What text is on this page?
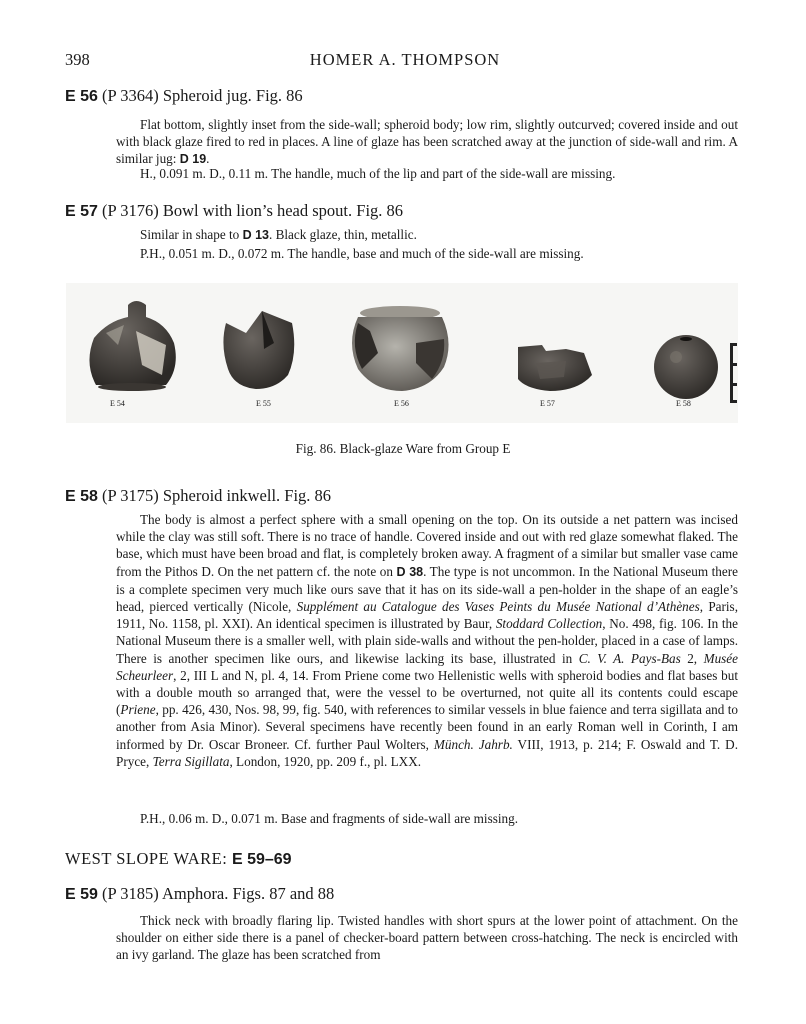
398	HOMER A. THOMPSON
E 56 (P 3364) Spheroid jug. Fig. 86
Flat bottom, slightly inset from the side-wall; spheroid body; low rim, slightly outcurved; covered inside and out with black glaze fired to red in places. A line of glaze has been scratched away at the junction of side-wall and rim. A similar jug: D 19.
H., 0.091 m. D., 0.11 m. The handle, much of the lip and part of the side-wall are missing.
E 57 (P 3176) Bowl with lion’s head spout. Fig. 86
Similar in shape to D 13. Black glaze, thin, metallic.
P.H., 0.051 m. D., 0.072 m. The handle, base and much of the side-wall are missing.
E 54	E 55	E 56	E 57	E 58
Fig. 86. Black-glaze Ware from Group E
E 58 (P 3175) Spheroid inkwell. Fig. 86
The body is almost a perfect sphere with a small opening on the top. On its outside a net pattern was incised while the clay was still soft. There is no trace of handle. Covered inside and out with red glaze somewhat flaked. The base, which must have been broad and flat, is completely broken away. A fragment of a similar but smaller vase came from the Pithos D. On the net pattern cf. the note on D 38. The type is not uncommon. In the National Museum there is a complete specimen very much like ours save that it has on its side-wall a pen-holder in the shape of an eagle’s head, pierced vertically (Nicole, Supplément au Catalogue des Vases Peints du Musée National d’Athènes, Paris, 1911, No. 1158, pl. XXI). An identical specimen is illustrated by Baur, Stoddard Collection, No. 498, fig. 106. In the National Museum there is a smaller well, with plain side-walls and without the pen-holder, placed in a case of lamps. There is another specimen like ours, and likewise lacking its base, illustrated in C. V. A. Pays-Bas 2, Musée Scheurleer, 2, III L and N, pl. 4, 14. From Priene come two Hellenistic wells with spheroid bodies and flat bases but with a double mouth so arranged that, were the vessel to be overturned, not quite all its contents could escape (Priene, pp. 426, 430, Nos. 98, 99, fig. 540, with references to similar vessels in blue faience and terra sigillata and to another from Asia Minor). Several specimens have recently been found in an early Roman well in Corinth, I am informed by Dr. Oscar Broneer. Cf. further Paul Wolters, Münch. Jahrb. VIII, 1913, p. 214; F. Oswald and T. D. Pryce, Terra Sigillata, London, 1920, pp. 209 f., pl. LXX.
P.H., 0.06 m. D., 0.071 m. Base and fragments of side-wall are missing.
WEST SLOPE WARE: E 59–69
E 59 (P 3185) Amphora. Figs. 87 and 88
Thick neck with broadly flaring lip. Twisted handles with short spurs at the lower point of attachment. On the shoulder on either side there is a panel of checker-board pattern between cross-hatching. The neck is encircled with an ivy garland. The glaze has been scratched from
